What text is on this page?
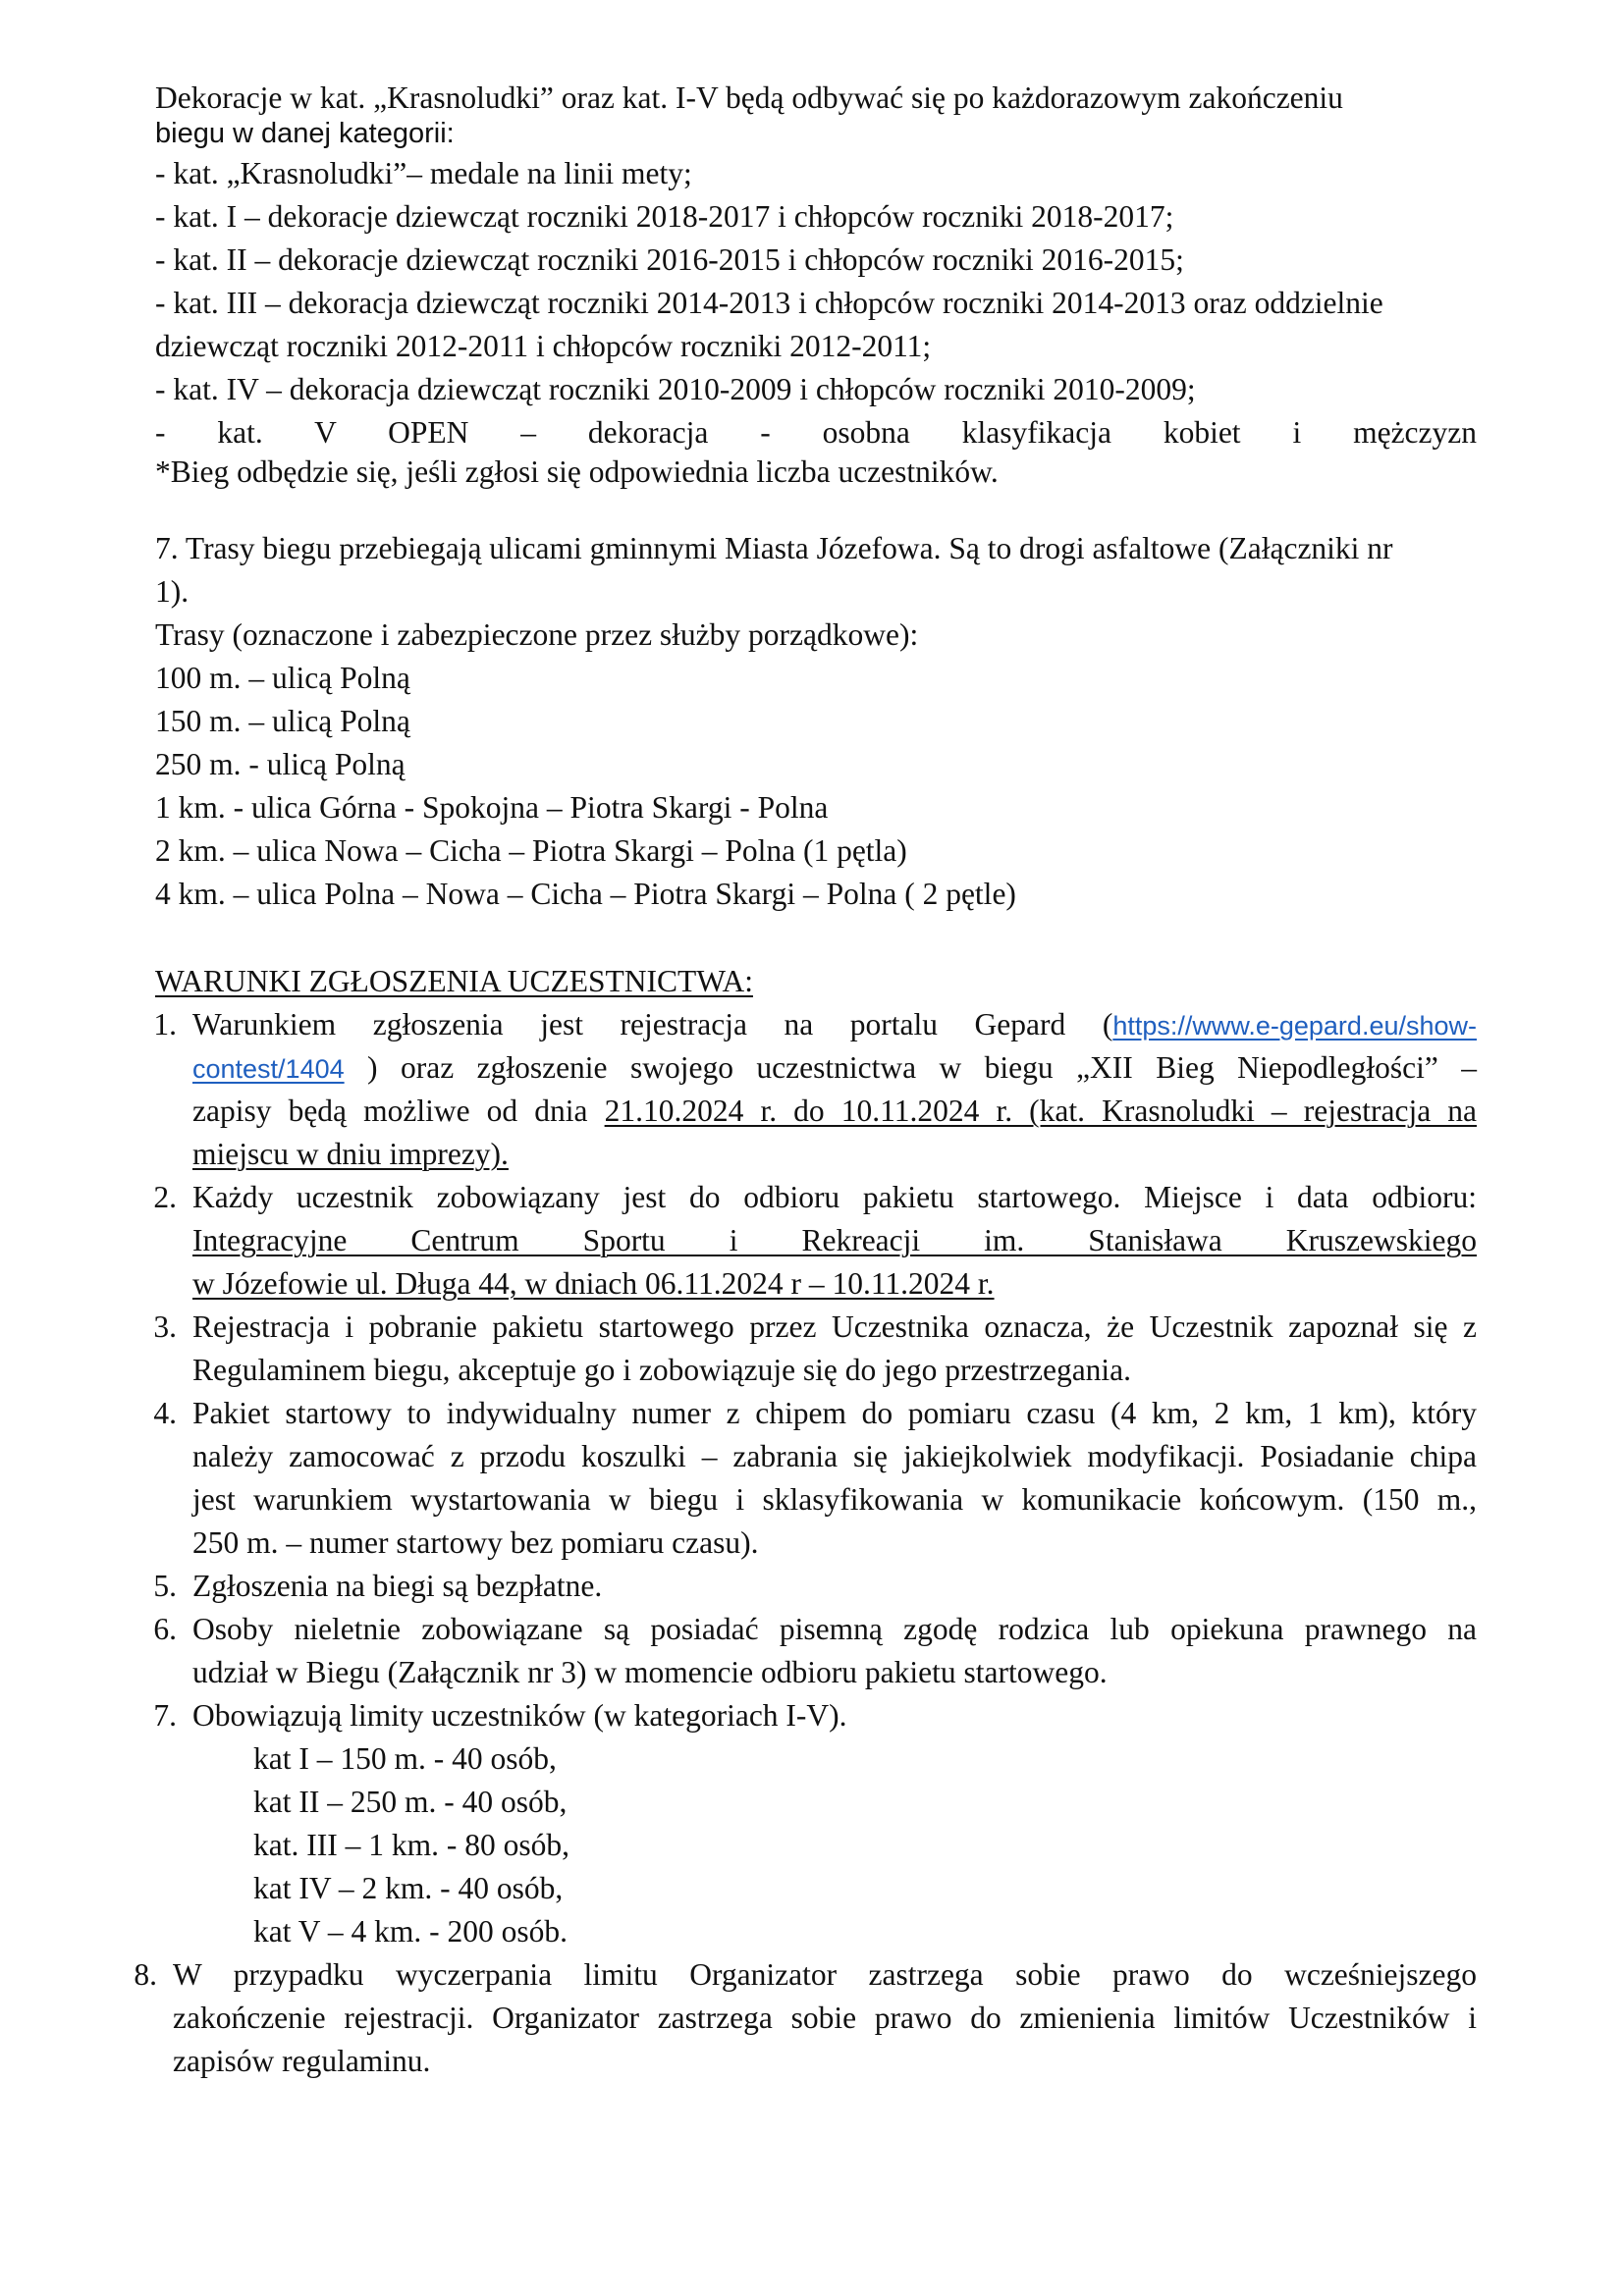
Dekoracje w kat. „Krasnoludki” oraz kat. I-V będą odbywać się po każdorazowym zakończeniu
biegu w danej kategorii:
- kat. „Krasnoludki”– medale na linii mety;
- kat. I – dekoracje dziewcząt roczniki 2018-2017 i chłopców roczniki 2018-2017;
- kat. II – dekoracje dziewcząt roczniki 2016-2015 i chłopców roczniki 2016-2015;
- kat. III – dekoracja dziewcząt roczniki 2014-2013 i chłopców roczniki 2014-2013 oraz oddzielnie
dziewcząt roczniki 2012-2011 i chłopców roczniki 2012-2011;
- kat. IV – dekoracja dziewcząt roczniki 2010-2009 i chłopców roczniki 2010-2009;
- kat. V OPEN – dekoracja - osobna klasyfikacja kobiet i mężczyzn
*Bieg odbędzie się, jeśli zgłosi się odpowiednia liczba uczestników.
7. Trasy biegu przebiegają ulicami gminnymi Miasta Józefowa. Są to drogi asfaltowe (Załączniki nr
1).
Trasy (oznaczone i zabezpieczone przez służby porządkowe):
100 m. – ulicą Polną
150 m. – ulicą Polną
250 m. - ulicą Polną
1 km. - ulica Górna - Spokojna – Piotra Skargi - Polna
2 km. – ulica Nowa – Cicha – Piotra Skargi – Polna (1 pętla)
4 km. – ulica Polna – Nowa – Cicha – Piotra Skargi – Polna ( 2 pętle)
WARUNKI ZGŁOSZENIA UCZESTNICTWA:
1. Warunkiem zgłoszenia jest rejestracja na portalu Gepard (https://www.e-gepard.eu/show-
contest/1404 ) oraz zgłoszenie swojego uczestnictwa w biegu „XII Bieg Niepodległości” –
zapisy będą możliwe od dnia 21.10.2024 r. do 10.11.2024 r. (kat. Krasnoludki – rejestracja na
miejscu w dniu imprezy).
2. Każdy uczestnik zobowiązany jest do odbioru pakietu startowego. Miejsce i data odbioru:
Integracyjne Centrum Sportu i Rekreacji im. Stanisława Kruszewskiego
w Józefowie ul. Długa 44, w dniach 06.11.2024 r – 10.11.2024 r.
3. Rejestracja i pobranie pakietu startowego przez Uczestnika oznacza, że Uczestnik zapoznał się z
Regulaminem biegu, akceptuje go i zobowiązuje się do jego przestrzegania.
4. Pakiet startowy to indywidualny numer z chipem do pomiaru czasu (4 km, 2 km, 1 km), który
należy zamocować z przodu koszulki – zabrania się jakiejkolwiek modyfikacji. Posiadanie chipa
jest warunkiem wystartowania w biegu i sklasyfikowania w komunikacie końcowym. (150 m.,
250 m. – numer startowy bez pomiaru czasu).
5. Zgłoszenia na biegi są bezpłatne.
6. Osoby nieletnie zobowiązane są posiadać pisemną zgodę rodzica lub opiekuna prawnego na
udział w Biegu (Załącznik nr 3) w momencie odbioru pakietu startowego.
7. Obowiązują limity uczestników (w kategoriach I-V).
kat I – 150 m. - 40 osób,
kat II – 250 m. - 40 osób,
kat. III – 1 km. - 80 osób,
kat IV – 2 km. - 40 osób,
kat V – 4 km. - 200 osób.
8. W przypadku wyczerpania limitu Organizator zastrzega sobie prawo do wcześniejszego
zakończenie rejestracji. Organizator zastrzega sobie prawo do zmienienia limitów Uczestników i
zapisów regulaminu.
